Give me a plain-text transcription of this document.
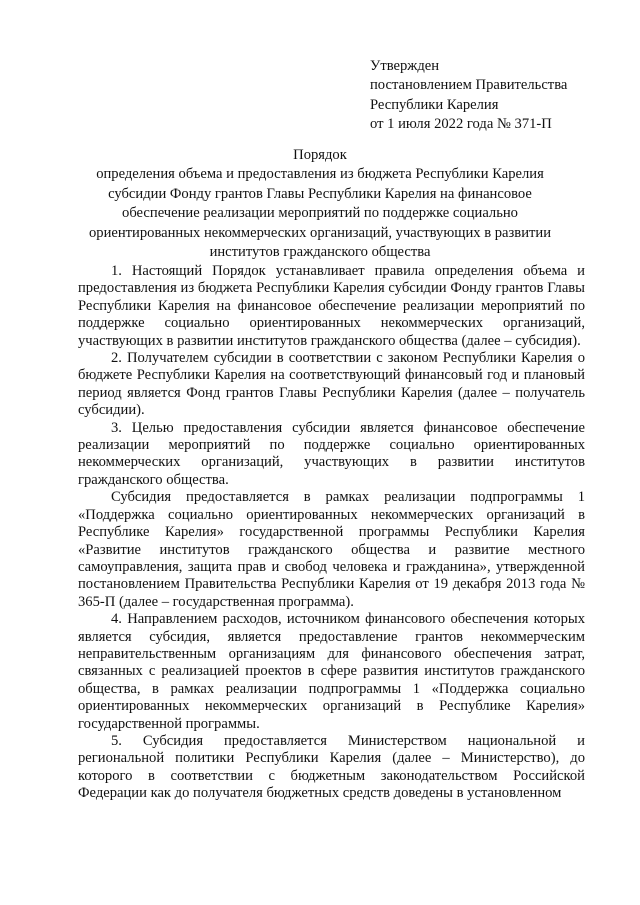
Утвержден
постановлением Правительства
Республики Карелия
от 1 июля 2022 года № 371-П
Порядок
определения объема и предоставления из бюджета Республики Карелия
субсидии Фонду грантов Главы Республики Карелия на финансовое
обеспечение реализации мероприятий по поддержке социально
ориентированных некоммерческих организаций, участвующих в развитии
институтов гражданского общества

1. Настоящий Порядок устанавливает правила определения объема и предоставления из бюджета Республики Карелия субсидии Фонду грантов Главы Республики Карелия на финансовое обеспечение реализации мероприятий по поддержке социально ориентированных некоммерческих организаций, участвующих в развитии институтов гражданского общества (далее – субсидия).

2. Получателем субсидии в соответствии с законом Республики Карелия о бюджете Республики Карелия на соответствующий финансовый год и плановый период является Фонд грантов Главы Республики Карелия (далее – получатель субсидии).

3. Целью предоставления субсидии является финансовое обеспечение реализации мероприятий по поддержке социально ориентированных некоммерческих организаций, участвующих в развитии институтов гражданского общества.

Субсидия предоставляется в рамках реализации подпрограммы 1 «Поддержка социально ориентированных некоммерческих организаций в Республике Карелия» государственной программы Республики Карелия «Развитие институтов гражданского общества и развитие местного самоуправления, защита прав и свобод человека и гражданина», утвержденной постановлением Правительства Республики Карелия от 19 декабря 2013 года № 365-П (далее – государственная программа).

4. Направлением расходов, источником финансового обеспечения которых является субсидия, является предоставление грантов некоммерческим неправительственным организациям для финансового обеспечения затрат, связанных с реализацией проектов в сфере развития институтов гражданского общества, в рамках реализации подпрограммы 1 «Поддержка социально ориентированных некоммерческих организаций в Республике Карелия» государственной программы.

5. Субсидия предоставляется Министерством национальной и региональной политики Республики Карелия (далее – Министерство), до которого в соответствии с бюджетным законодательством Российской Федерации как до получателя бюджетных средств доведены в установленном
